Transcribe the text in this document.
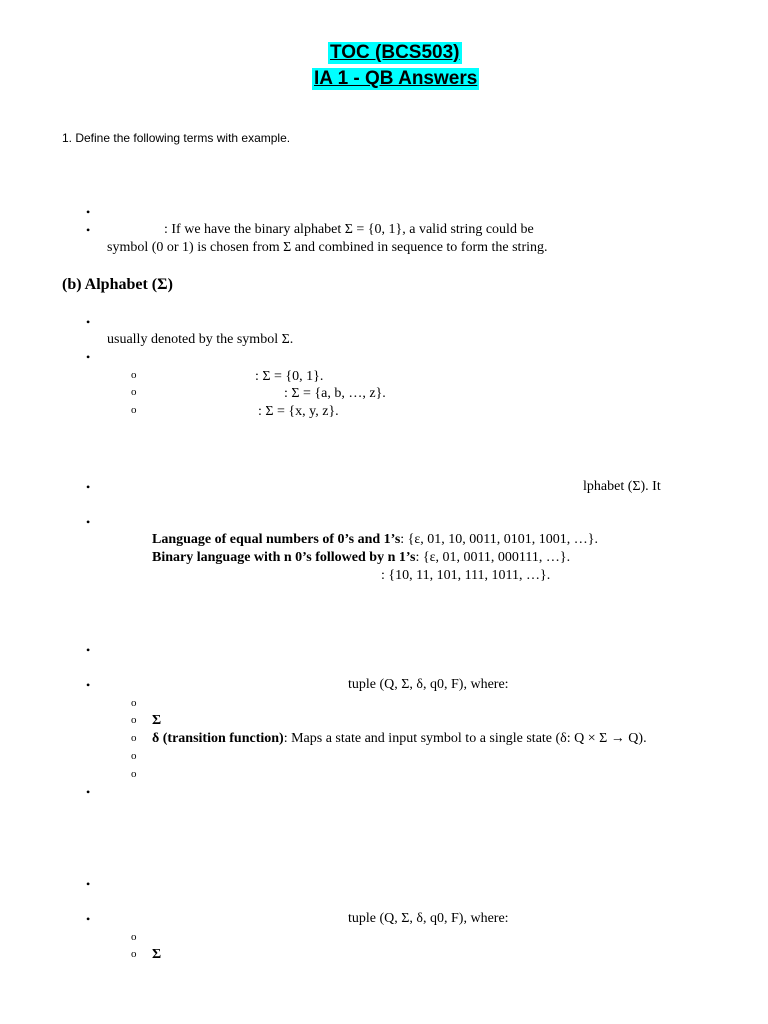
TOC (BCS503)
IA 1 - QB Answers
1. Define the following terms with example.
•
•	: If we have the binary alphabet Σ = {0, 1}, a valid string could be
symbol (0 or 1) is chosen from Σ and combined in sequence to form the string.
(b) Alphabet (Σ)
•
usually denoted by the symbol Σ.
•
o	: Σ = {0, 1}.
o	: Σ = {a, b, …, z}.
o	: Σ = {x, y, z}.
•	lphabet (Σ). It
•
Language of equal numbers of 0’s and 1’s: {ε, 01, 10, 0011, 0101, 1001, …}.
Binary language with n 0’s followed by n 1’s: {ε, 01, 0011, 000111, …}.
: {10, 11, 101, 111, 1011, …}.
•
•	tuple (Q, Σ, δ, q0, F), where:
o
o Σ
o δ (transition function): Maps a state and input symbol to a single state (δ: Q × Σ → Q).
o
o
•
•
•	tuple (Q, Σ, δ, q0, F), where:
o
o Σ
